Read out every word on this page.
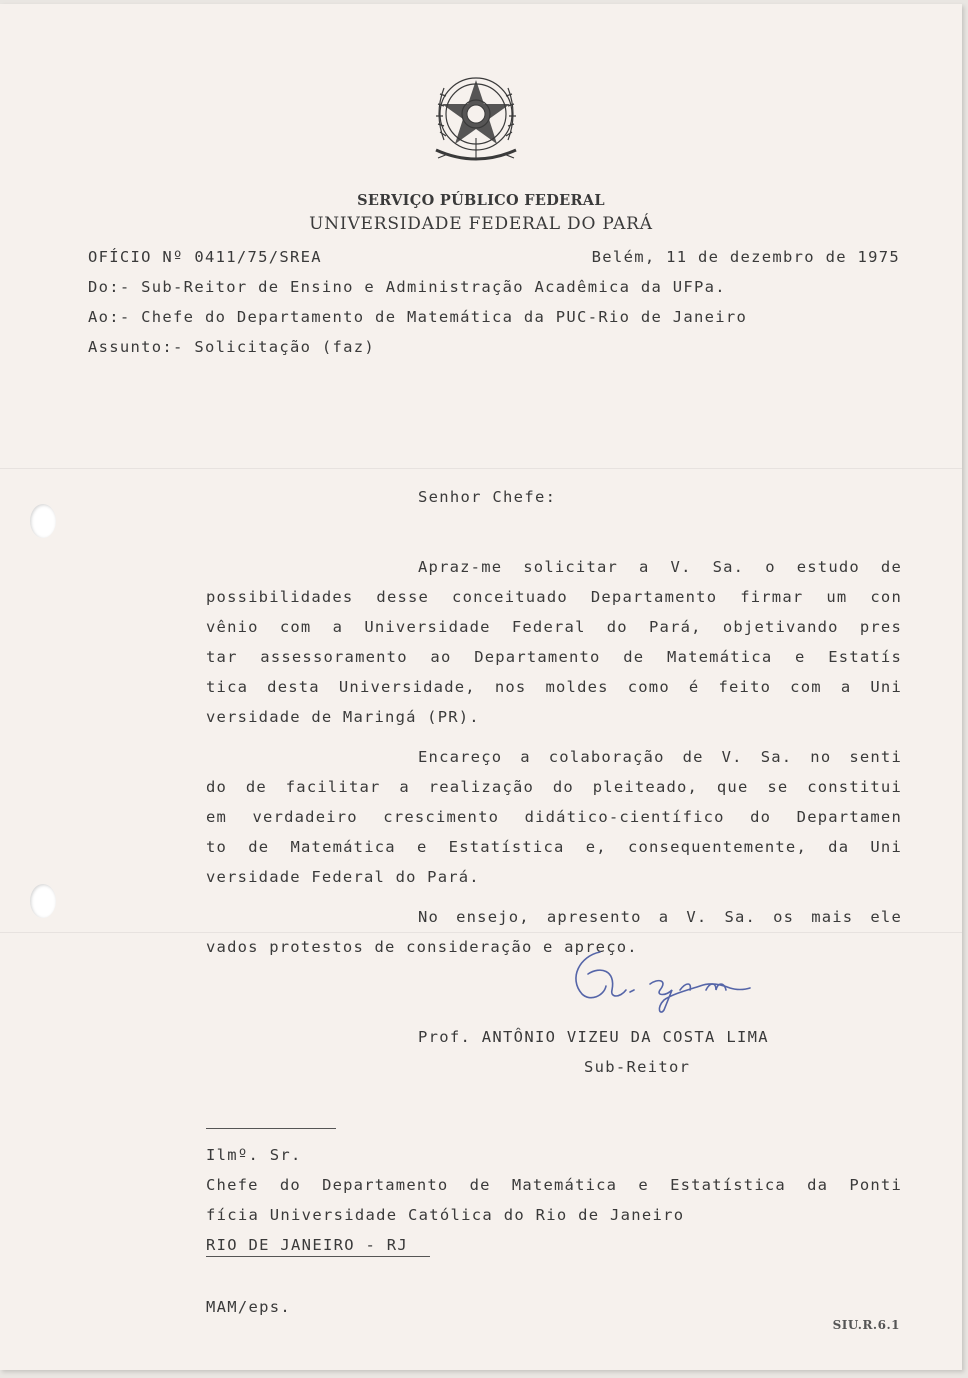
SERVIÇO PÚBLICO FEDERAL
UNIVERSIDADE FEDERAL DO PARÁ
OFÍCIO Nº 0411/75/SREA	Belém, 11 de dezembro de 1975
Do:- Sub-Reitor de Ensino e Administração Acadêmica da UFPa.
Ao:- Chefe do Departamento de Matemática da PUC-Rio de Janeiro
Assunto:- Solicitação (faz)
Senhor Chefe:
Apraz-me solicitar a V. Sa. o estudo de
possibilidades desse conceituado Departamento firmar um con
vênio com a Universidade Federal do Pará, objetivando pres
tar assessoramento ao Departamento de Matemática e Estatís
tica desta Universidade, nos moldes como é feito com a Uni
versidade de Maringá (PR).
Encareço a colaboração de V. Sa. no senti
do de facilitar a realização do pleiteado, que se constitui
em verdadeiro crescimento didático-científico do Departamen
to de Matemática e Estatística e, consequentemente, da Uni
versidade Federal do Pará.
No ensejo, apresento a V. Sa. os mais ele
vados protestos de consideração e apreço.
Prof. ANTÔNIO VIZEU DA COSTA LIMA
Sub-Reitor
Ilmº. Sr.
Chefe do Departamento de Matemática e Estatística da Ponti
fícia Universidade Católica do Rio de Janeiro
RIO DE JANEIRO - RJ
MAM/eps.
SIU.R.6.1
